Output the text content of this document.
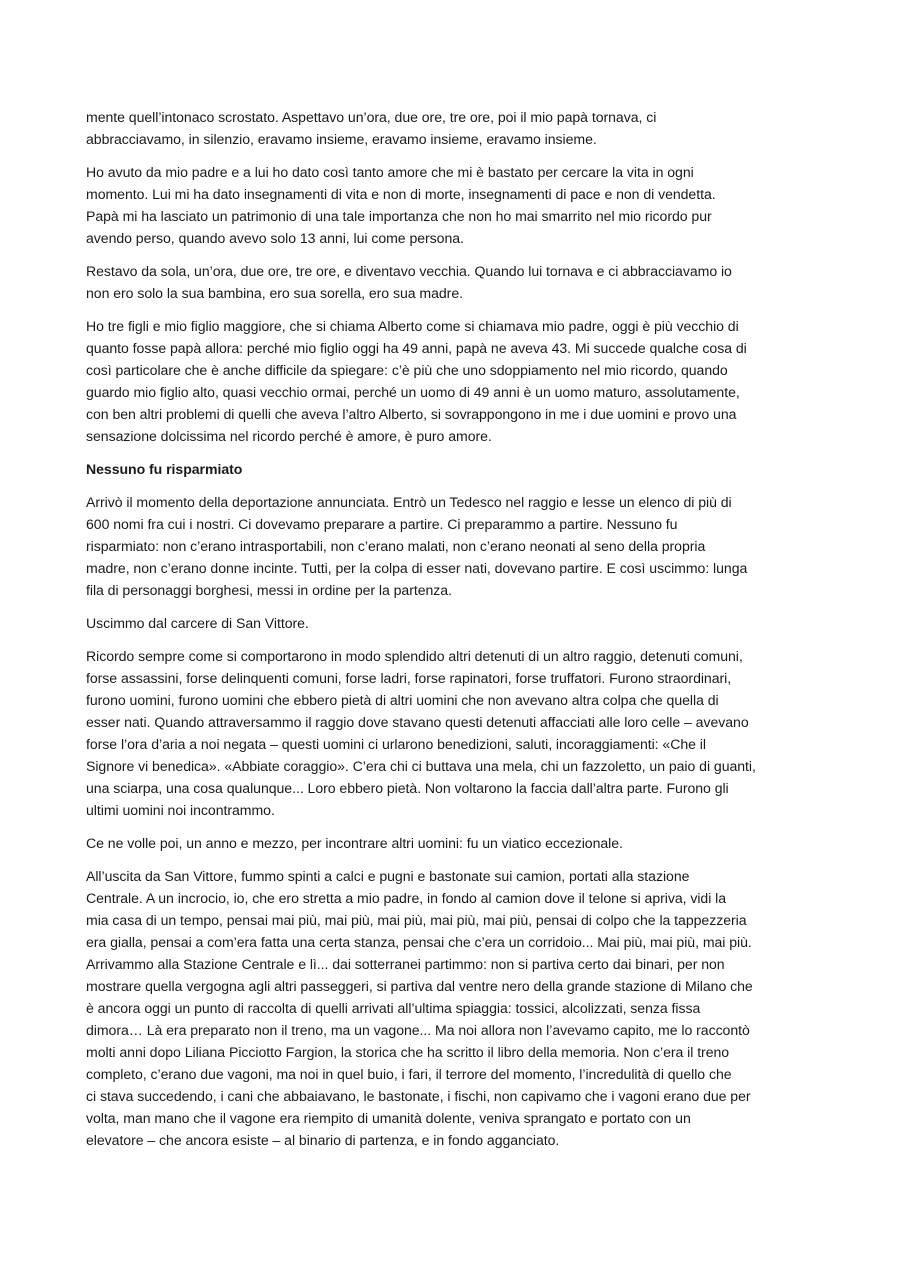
mente quell’intonaco scrostato. Aspettavo un’ora, due ore, tre ore, poi il mio papà tornava, ci
abbracciavamo, in silenzio, eravamo insieme, eravamo insieme, eravamo insieme.

Ho avuto da mio padre e a lui ho dato così tanto amore che mi è bastato per cercare la vita in ogni
momento. Lui mi ha dato insegnamenti di vita e non di morte, insegnamenti di pace e non di vendetta.
Papà mi ha lasciato un patrimonio di una tale importanza che non ho mai smarrito nel mio ricordo pur
avendo perso, quando avevo solo 13 anni, lui come persona.

Restavo da sola, un’ora, due ore, tre ore, e diventavo vecchia. Quando lui tornava e ci abbracciavamo io
non ero solo la sua bambina, ero sua sorella, ero sua madre.

Ho tre figli e mio figlio maggiore, che si chiama Alberto come si chiamava mio padre, oggi è più vecchio di
quanto fosse papà allora: perché mio figlio oggi ha 49 anni, papà ne aveva 43. Mi succede qualche cosa di
così particolare che è anche difficile da spiegare: c’è più che uno sdoppiamento nel mio ricordo, quando
guardo mio figlio alto, quasi vecchio ormai, perché un uomo di 49 anni è un uomo maturo, assolutamente,
con ben altri problemi di quelli che aveva l’altro Alberto, si sovrappongono in me i due uomini e provo una
sensazione dolcissima nel ricordo perché è amore, è puro amore.

Nessuno fu risparmiato

Arrivò il momento della deportazione annunciata. Entrò un Tedesco nel raggio e lesse un elenco di più di
600 nomi fra cui i nostri. Ci dovevamo preparare a partire. Ci preparammo a partire. Nessuno fu
risparmiato: non c’erano intrasportabili, non c’erano malati, non c’erano neonati al seno della propria
madre, non c’erano donne incinte. Tutti, per la colpa di esser nati, dovevano partire. E così uscimmo: lunga
fila di personaggi borghesi, messi in ordine per la partenza.

Uscimmo dal carcere di San Vittore.

Ricordo sempre come si comportarono in modo splendido altri detenuti di un altro raggio, detenuti comuni,
forse assassini, forse delinquenti comuni, forse ladri, forse rapinatori, forse truffatori. Furono straordinari,
furono uomini, furono uomini che ebbero pietà di altri uomini che non avevano altra colpa che quella di
esser nati. Quando attraversammo il raggio dove stavano questi detenuti affacciati alle loro celle – avevano
forse l’ora d’aria a noi negata – questi uomini ci urlarono benedizioni, saluti, incoraggiamenti: «Che il
Signore vi benedica». «Abbiate coraggio». C’era chi ci buttava una mela, chi un fazzoletto, un paio di guanti,
una sciarpa, una cosa qualunque... Loro ebbero pietà. Non voltarono la faccia dall’altra parte. Furono gli
ultimi uomini noi incontrammo.

Ce ne volle poi, un anno e mezzo, per incontrare altri uomini: fu un viatico eccezionale.

All’uscita da San Vittore, fummo spinti a calci e pugni e bastonate sui camion, portati alla stazione
Centrale. A un incrocio, io, che ero stretta a mio padre, in fondo al camion dove il telone si apriva, vidi la
mia casa di un tempo, pensai mai più, mai più, mai più, mai più, mai più, pensai di colpo che la tappezzeria
era gialla, pensai a com’era fatta una certa stanza, pensai che c’era un corridoio... Mai più, mai più, mai più.
Arrivammo alla Stazione Centrale e lì... dai sotterranei partimmo: non si partiva certo dai binari, per non
mostrare quella vergogna agli altri passeggeri, si partiva dal ventre nero della grande stazione di Milano che
è ancora oggi un punto di raccolta di quelli arrivati all’ultima spiaggia: tossici, alcolizzati, senza fissa
dimora… Là era preparato non il treno, ma un vagone... Ma noi allora non l’avevamo capito, me lo raccontò
molti anni dopo Liliana Picciotto Fargion, la storica che ha scritto il libro della memoria. Non c’era il treno
completo, c’erano due vagoni, ma noi in quel buio, i fari, il terrore del momento, l’incredulità di quello che
ci stava succedendo, i cani che abbaiavano, le bastonate, i fischi, non capivamo che i vagoni erano due per
volta, man mano che il vagone era riempito di umanità dolente, veniva sprangato e portato con un
elevatore – che ancora esiste – al binario di partenza, e in fondo agganciato.
